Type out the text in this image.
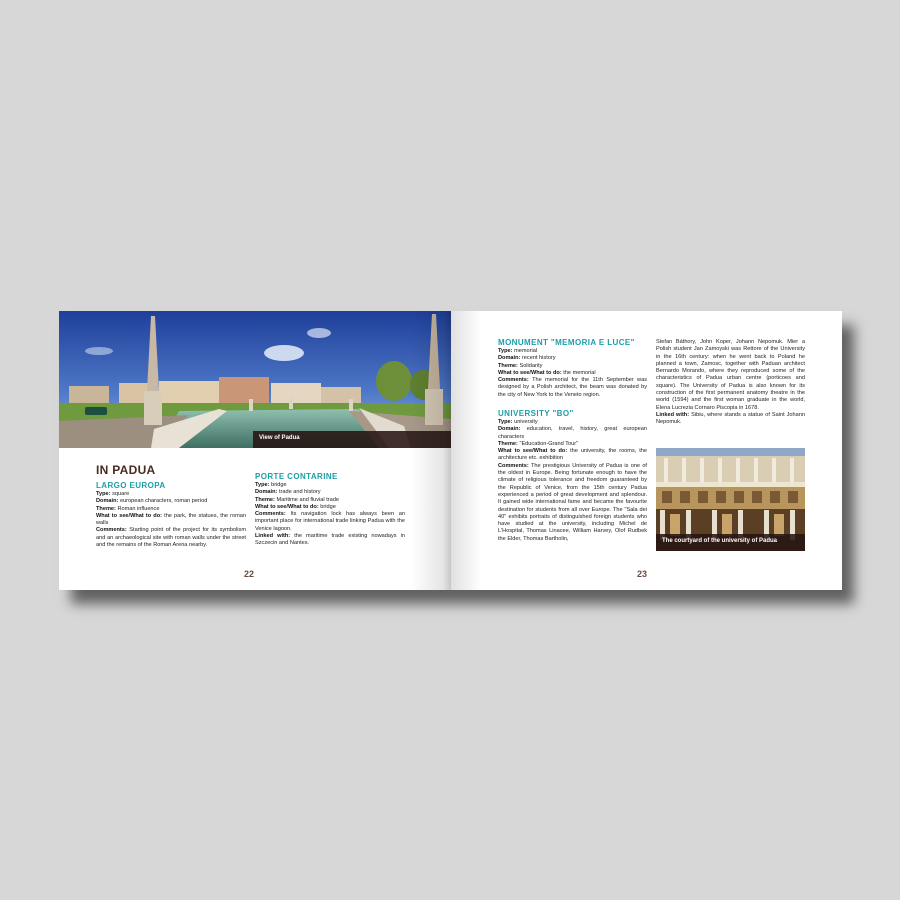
View of Padua
IN PADUA
LARGO EUROPA

Type: square

Domain: european characters, roman period

Theme: Roman influence

What to see/What to do: the park, the statues, the roman walls

Comments: Starting point of the project for its symbolism and an archaeological site with roman walls under the street and the remains of the Roman Arena nearby.

PORTE CONTARINE

Type: bridge

Domain: trade and history

Theme: Maritime and fluvial trade

What to see/What to do: bridge

Comments: Its navigation lock has always been an important place for international trade linking Padua with the Venice lagoon.

Linked with: the maritime trade existing nowadays in Szczecin and Nantes.

22
MONUMENT "MEMORIA E LUCE"

Type: memorial

Domain: recent history

Theme: Solidarity

What to see/What to do: the memorial

Comments: The memorial for the 11th September was designed by a Polish architect, the beam was donated by the city of New York to the Veneto region.

UNIVERSITY "BO"

Type: university

Domain: education, travel, history, great european characters

Theme: "Education-Grand Tour"

What to see/What to do: the university, the rooms, the architecture etc. exhibition

Comments: The prestigious University of Padua is one of the oldest in Europe. Being fortunate enough to have the climate of religious tolerance and freedom guaranteed by the Republic of Venice, from the 15th century Padua experienced a period of great development and splendour. It gained wide international fame and became the favourite destination for students from all over Europe. The "Sala dei 40" exhibits portraits of distinguished foreign students who have studied at the university, including Michel de L'Hospital, Thomas Linacee, William Harvey, Olof Rudbek the Elder, Thomas Bartholin,

Stefan Báthory, John Koper, Johann Nepomuk. Mier a Polish student Jan Zamoyski was Rettore of the University in the 16th century: when he went back to Poland he planned a town, Zamosc, together with Paduan architect Bernardo Morando, where they reproduced some of the characteristics of Padua urban centre (porticoes and square). The University of Padua is also known for its construction of the first permanent anatomy theatre in the world (1594) and the first woman graduate in the world, Elena Lucrezia Cornaro Piscopia in 1678.

Linked with: Sibiu, where stands a statue of Saint Johann Nepomuk.

The courtyard of the university of Padua
23
